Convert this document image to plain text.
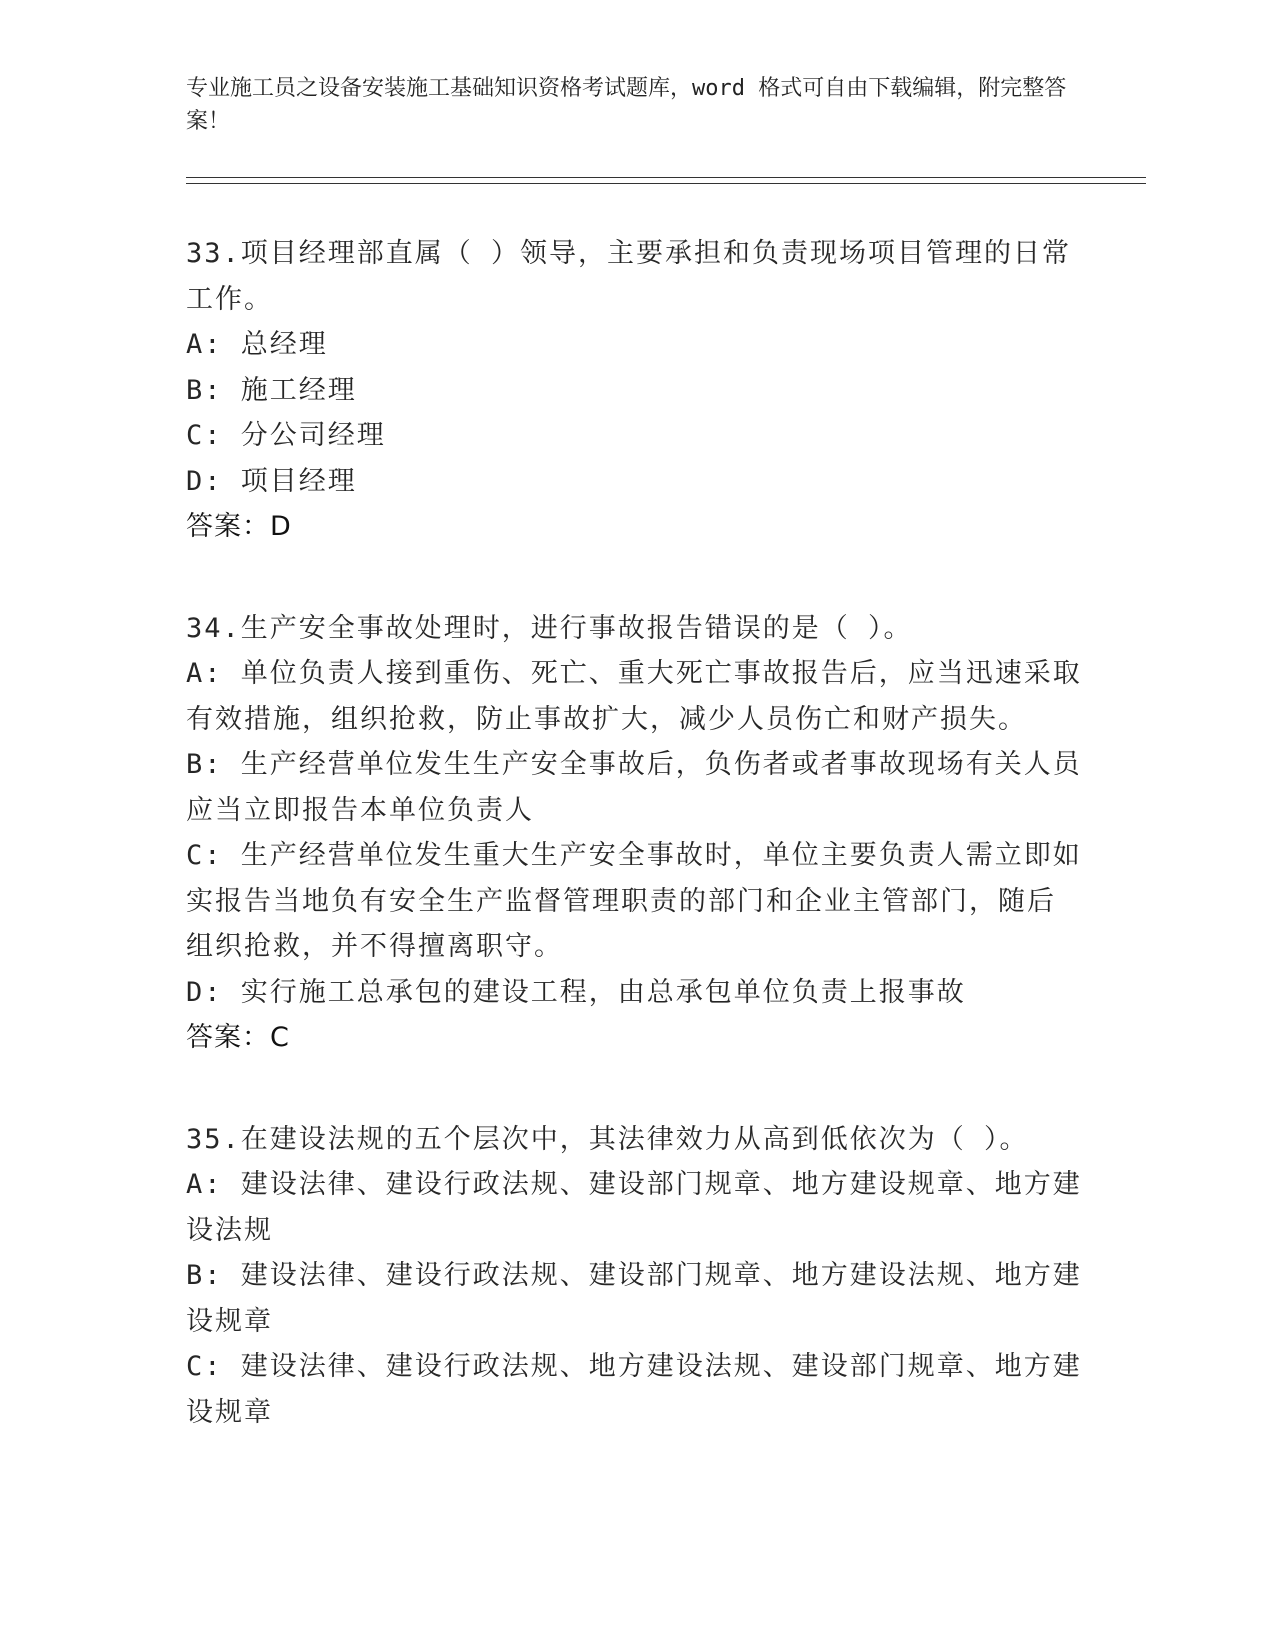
专业施工员之设备安装施工基础知识资格考试题库，word 格式可自由下载编辑，附完整答案！
33.项目经理部直属（ ）领导，主要承担和负责现场项目管理的日常
工作。
A: 总经理
B: 施工经理
C: 分公司经理
D: 项目经理
答案：D
34.生产安全事故处理时，进行事故报告错误的是（ ）。
A: 单位负责人接到重伤、死亡、重大死亡事故报告后，应当迅速采取
有效措施，组织抢救，防止事故扩大，减少人员伤亡和财产损失。
B: 生产经营单位发生生产安全事故后，负伤者或者事故现场有关人员
应当立即报告本单位负责人
C: 生产经营单位发生重大生产安全事故时，单位主要负责人需立即如
实报告当地负有安全生产监督管理职责的部门和企业主管部门，随后
组织抢救，并不得擅离职守。
D: 实行施工总承包的建设工程，由总承包单位负责上报事故
答案：C
35.在建设法规的五个层次中，其法律效力从高到低依次为（ ）。
A: 建设法律、建设行政法规、建设部门规章、地方建设规章、地方建
设法规
B: 建设法律、建设行政法规、建设部门规章、地方建设法规、地方建
设规章
C: 建设法律、建设行政法规、地方建设法规、建设部门规章、地方建
设规章
